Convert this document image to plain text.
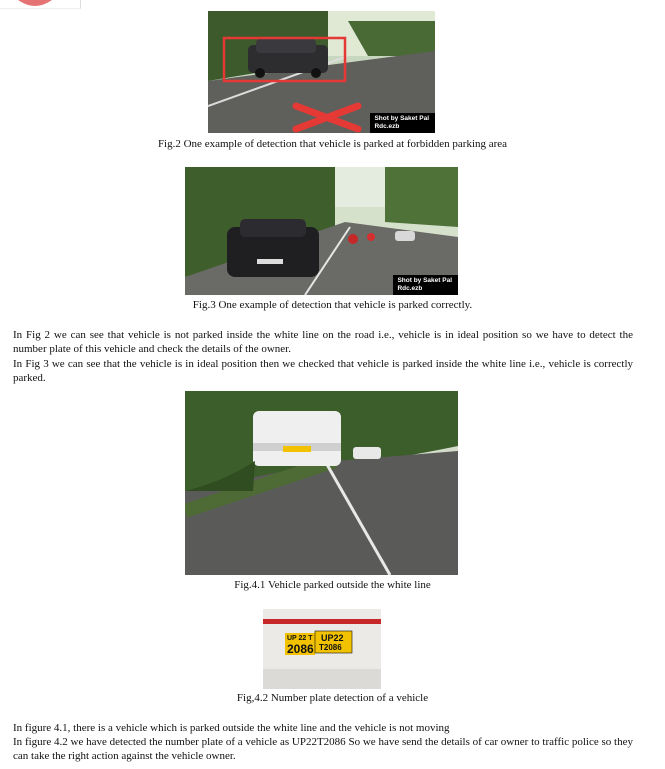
Shot by Saket Pal
Rdc.ezb
Fig.2 One example of detection that vehicle is parked at forbidden parking area
Shot by Saket Pal
Rdc.ezb
Fig.3 One example of detection that vehicle is parked correctly.

In Fig 2 we can see that vehicle is not parked inside the white line on the road i.e., vehicle is in ideal position so we have to detect the number plate of this vehicle and check the details of the owner.

In Fig 3 we can see that the vehicle is in ideal position then we checked that vehicle is parked inside the white line i.e., vehicle is correctly parked.

Fig.4.1 Vehicle parked outside the white line
UP 22 T
2086
UP22
T2086
Fig,4.2 Number plate detection of a vehicle

In figure 4.1, there is a vehicle which is parked outside the white line and the vehicle is not moving

In figure 4.2 we have detected the number plate of a vehicle as UP22T2086 So we have send the details of car owner to traffic police so they can take the right action against the vehicle owner.
